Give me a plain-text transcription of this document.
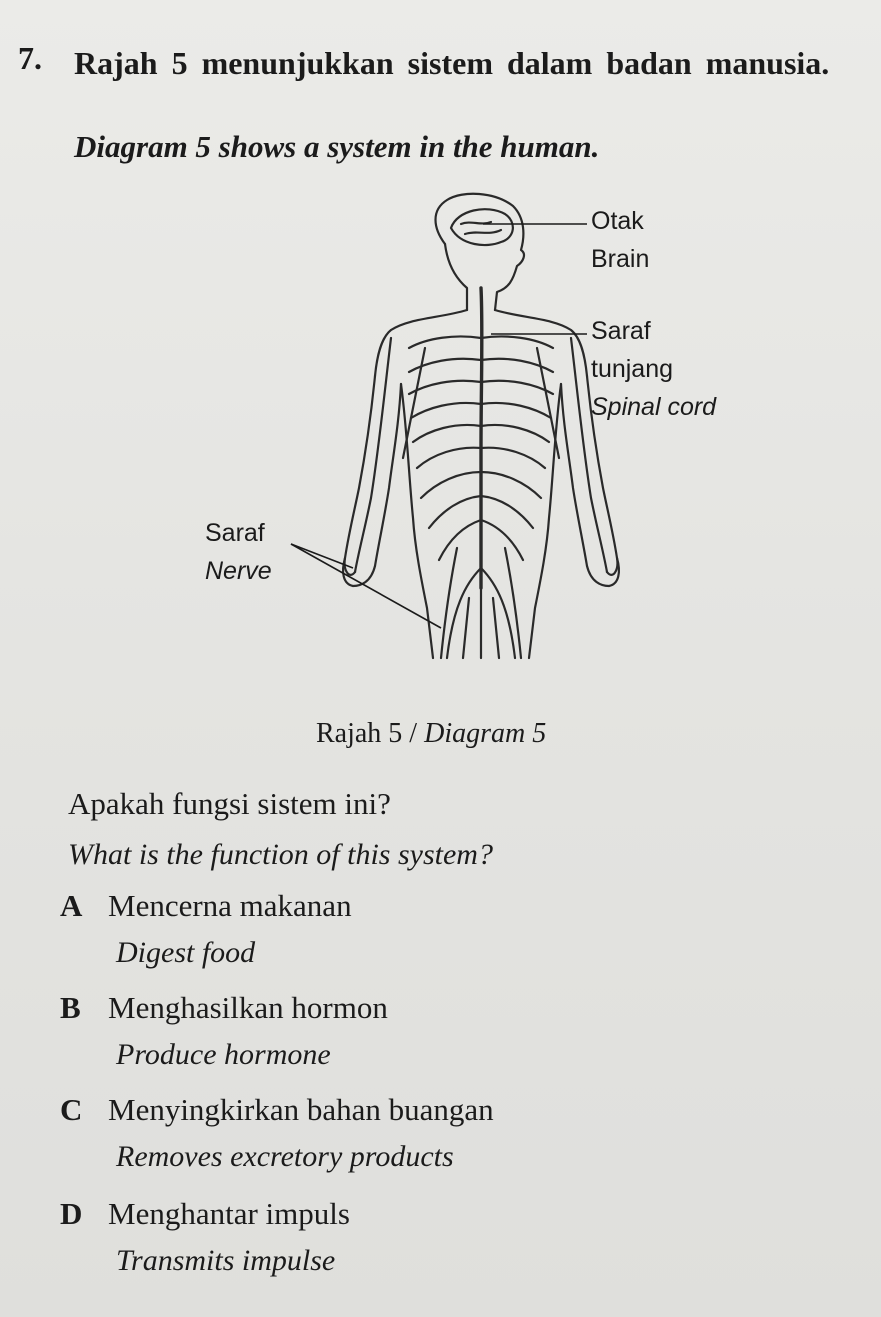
7. Rajah 5 menunjukkan sistem dalam badan manusia.
Diagram 5 shows a system in the human.
Otak
Brain
Saraf
tunjang
Spinal cord
Saraf
Nerve
Rajah 5 / Diagram 5
Apakah fungsi sistem ini?
What is the function of this system?
A Mencerna makanan
Digest food
B Menghasilkan hormon
Produce hormone
C Menyingkirkan bahan buangan
Removes excretory products
D Menghantar impuls
Transmits impulse
